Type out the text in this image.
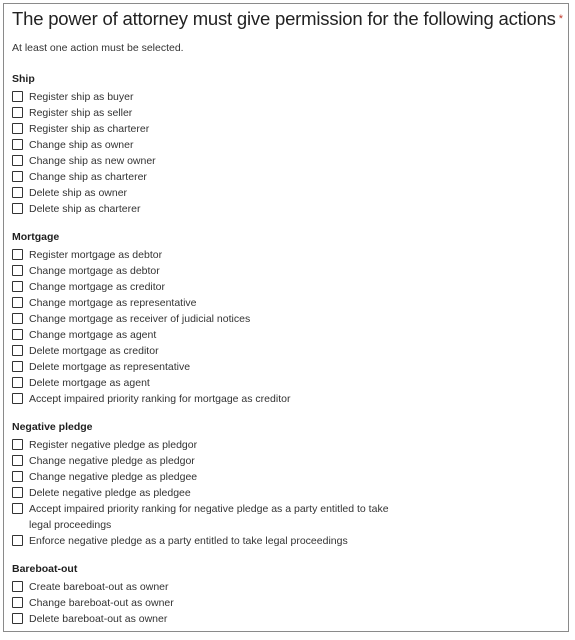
The power of attorney must give permission for the following actions *
At least one action must be selected.
Ship
Register ship as buyer
Register ship as seller
Register ship as charterer
Change ship as owner
Change ship as new owner
Change ship as charterer
Delete ship as owner
Delete ship as charterer
Mortgage
Register mortgage as debtor
Change mortgage as debtor
Change mortgage as creditor
Change mortgage as representative
Change mortgage as receiver of judicial notices
Change mortgage as agent
Delete mortgage as creditor
Delete mortgage as representative
Delete mortgage as agent
Accept impaired priority ranking for mortgage as creditor
Negative pledge
Register negative pledge as pledgor
Change negative pledge as pledgor
Change negative pledge as pledgee
Delete negative pledge as pledgee
Accept impaired priority ranking for negative pledge as a party entitled to take legal proceedings
Enforce negative pledge as a party entitled to take legal proceedings
Bareboat-out
Create bareboat-out as owner
Change bareboat-out as owner
Delete bareboat-out as owner
